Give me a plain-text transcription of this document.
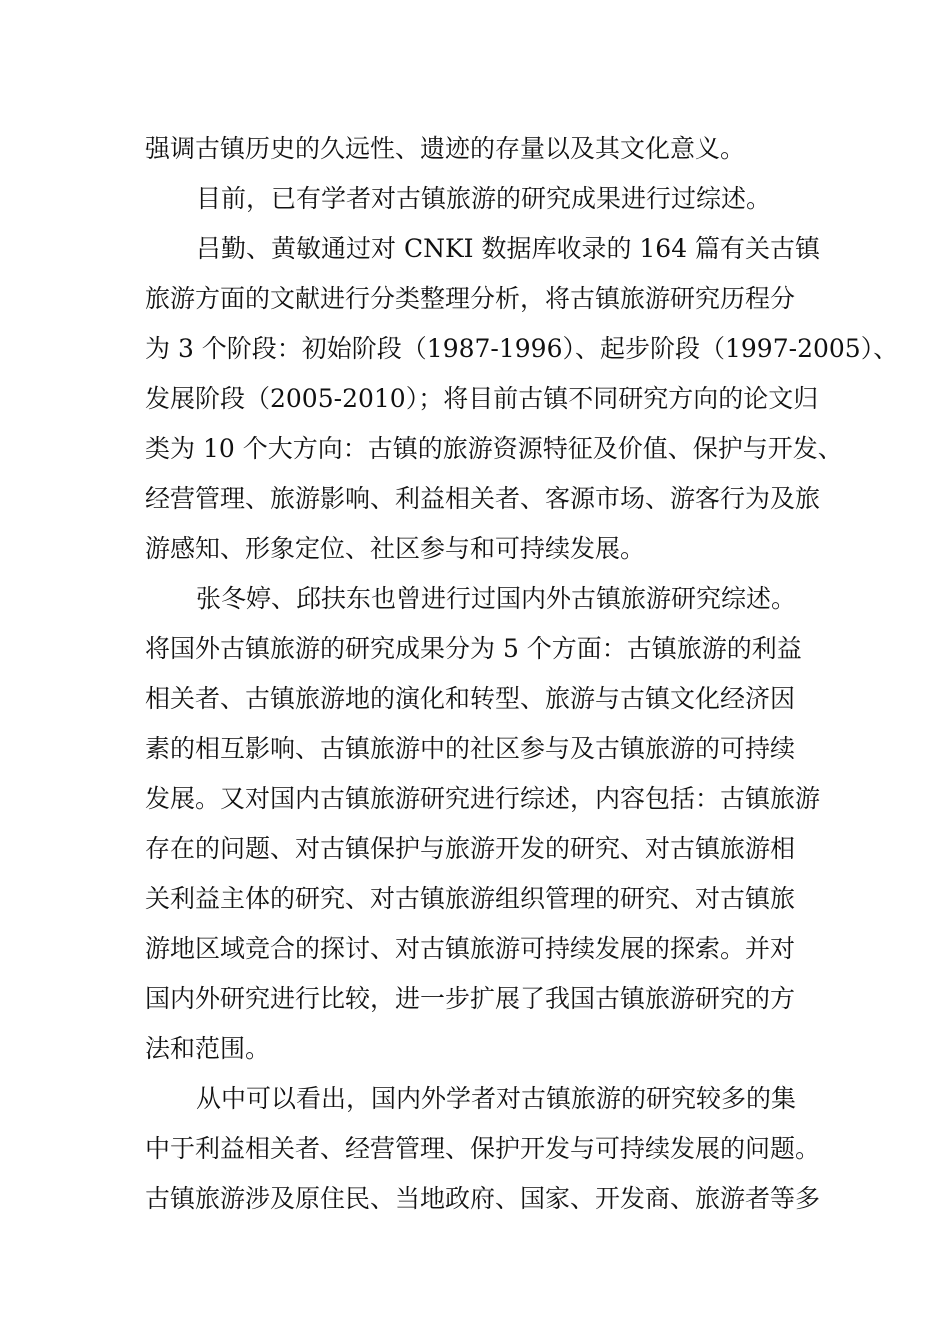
强调古镇历史的久远性、遗迹的存量以及其文化意义。
目前，已有学者对古镇旅游的研究成果进行过综述。
吕勤、黄敏通过对 CNKI 数据库收录的 164 篇有关古镇
旅游方面的文献进行分类整理分析，将古镇旅游研究历程分
为 3 个阶段：初始阶段（1987-1996）、起步阶段（1997-2005）、
发展阶段（2005-2010）；将目前古镇不同研究方向的论文归
类为 10 个大方向：古镇的旅游资源特征及价值、保护与开发、
经营管理、旅游影响、利益相关者、客源市场、游客行为及旅
游感知、形象定位、社区参与和可持续发展。
张冬婷、邱扶东也曾进行过国内外古镇旅游研究综述。
将国外古镇旅游的研究成果分为 5 个方面：古镇旅游的利益
相关者、古镇旅游地的演化和转型、旅游与古镇文化经济因
素的相互影响、古镇旅游中的社区参与及古镇旅游的可持续
发展。又对国内古镇旅游研究进行综述，内容包括：古镇旅游
存在的问题、对古镇保护与旅游开发的研究、对古镇旅游相
关利益主体的研究、对古镇旅游组织管理的研究、对古镇旅
游地区域竞合的探讨、对古镇旅游可持续发展的探索。并对
国内外研究进行比较，进一步扩展了我国古镇旅游研究的方
法和范围。
从中可以看出，国内外学者对古镇旅游的研究较多的集
中于利益相关者、经营管理、保护开发与可持续发展的问题。
古镇旅游涉及原住民、当地政府、国家、开发商、旅游者等多
